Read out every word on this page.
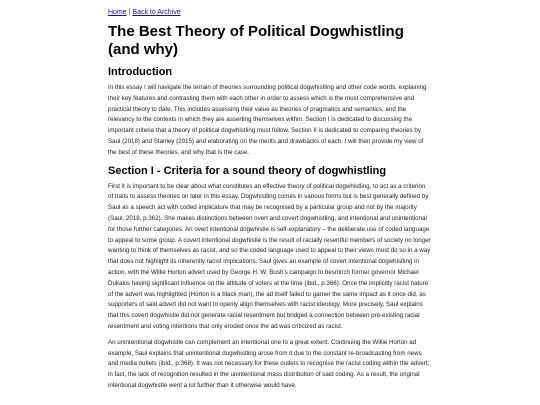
Home | Back to Archive
The Best Theory of Political Dogwhistling (and why)
Introduction

In this essay I will navigate the terrain of theories surrounding political dogwhistling and other code words, explaining their key features and contrasting them with each other in order to assess which is the most comprehensive and practical theory to date. This includes assessing their value as theories of pragmatics and semantics, and the relevancy to the contexts in which they are asserting themselves within. Section I is dedicated to discussing the important criteria that a theory of political dogwhistling must follow. Section II is dedicated to comparing theories by Saul (2018) and Stanley (2015) and elaborating on the merits and drawbacks of each. I will then provide my view of the best of these theories, and why that is the case.

Section I - Criteria for a sound theory of dogwhistling

First it is important to be clear about what constitutes an effective theory of political dogwhistling, to act as a criterion of traits to assess theories on later in this essay. Dogwhistling comes in various forms but is best generally defined by Saul as a speech act with coded implicature that may be recognised by a particular group and not by the majority (Saul, 2018, p.362). She makes distinctions between overt and covert dogwhistling, and intentional and unintentional for those further categories. An overt intentional dogwhistle is self-explanatory – the deliberate use of coded language to appeal to some group. A covert intentional dogwhistle is the result of racially resentful members of society no longer wanting to think of themselves as racist, and so the coded language used to appeal to their views must do so in a way that does not highlight its inherently racist implications. Saul gives an example of covert intentional dogwhistling in action, with the Willie Horton advert used by George H. W. Bush’s campaign to besmirch former governor Michael Dukakis having significant influence on the attitude of voters at the time (ibid., p.366). Once the implicitly racist nature of the advert was highlighted (Horton is a black man), the ad itself failed to garner the same impact as it once did, as supporters of said advert did not want to openly align themselves with racist ideology. More precisely, Saul explains that this covert dogwhistle did not generate racial resentment but bridged a connection between pre-existing racial resentment and voting intentions that only eroded once the ad was criticized as racist.

An unintentional dogwhistle can complement an intentional one to a great extent. Continuing the Willie Horton ad example, Saul explains that unintentional dogwhistling arose from it due to the constant re-broadcasting from news and media outlets (ibid., p.368). It was not necessary for these outlets to recognise the racist coding within the advert; in fact, the lack of recognition resulted in the unintentional mass distribution of said coding. As a result, the original intentional dogwhistle went a lot further than it otherwise would have.
